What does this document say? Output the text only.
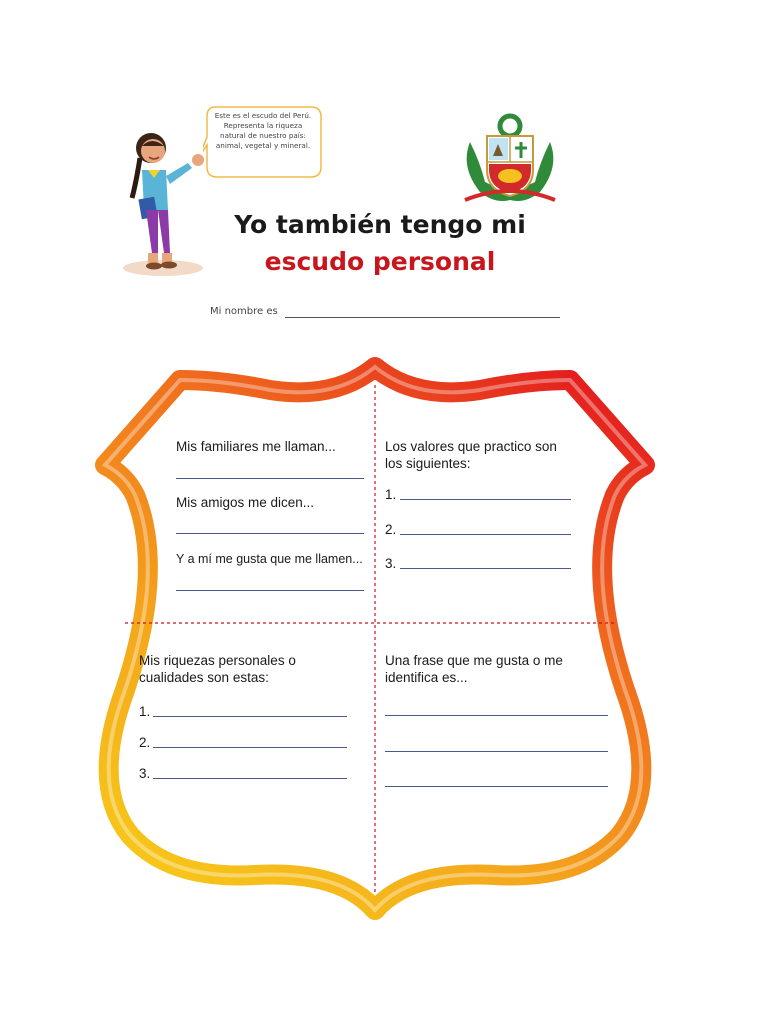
Este es el escudo del Perú. Representa la riqueza natural de nuestro país: animal, vegetal y mineral.
Yo también tengo mi
escudo personal
Mi nombre es
Mis familiares me llaman...
Mis amigos me dicen...
Y a mí me gusta que me llamen...
Los valores que practico son los siguientes:
1.
2.
3.
Mis riquezas personales o cualidades son estas:
1.
2.
3.
Una frase que me gusta o me identifica es...
